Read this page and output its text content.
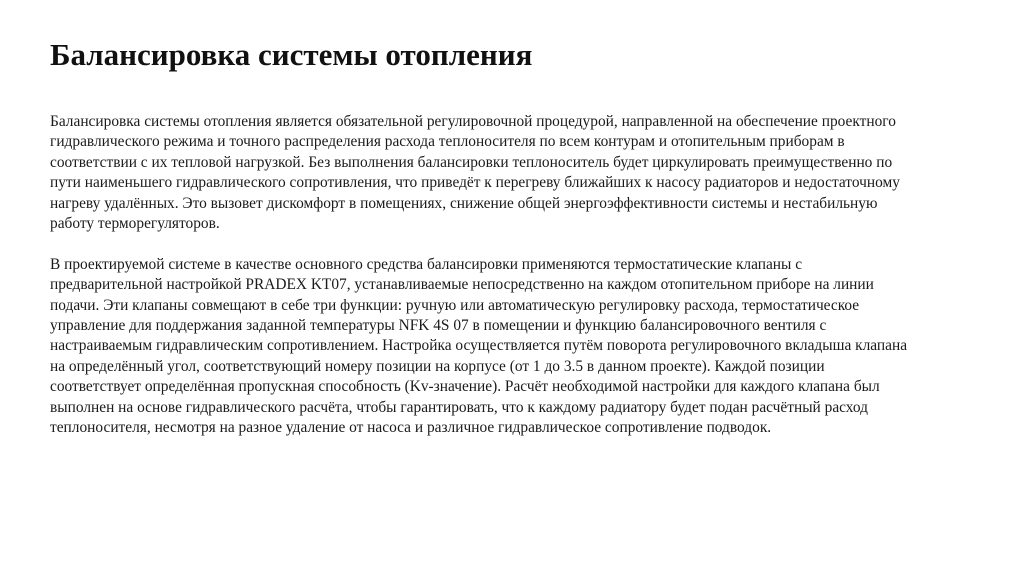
Балансировка системы отопления

Балансировка системы отопления является обязательной регулировочной процедурой, направленной на обеспечение проектного
гидравлического режима и точного распределения расхода теплоносителя по всем контурам и отопительным приборам в
соответствии с их тепловой нагрузкой. Без выполнения балансировки теплоноситель будет циркулировать преимущественно по
пути наименьшего гидравлического сопротивления, что приведёт к перегреву ближайших к насосу радиаторов и недостаточному
нагреву удалённых. Это вызовет дискомфорт в помещениях, снижение общей энергоэффективности системы и нестабильную
работу терморегуляторов.

В проектируемой системе в качестве основного средства балансировки применяются термостатические клапаны с
предварительной настройкой PRADEX KT07, устанавливаемые непосредственно на каждом отопительном приборе на линии
подачи. Эти клапаны совмещают в себе три функции: ручную или автоматическую регулировку расхода, термостатическое
управление для поддержания заданной температуры NFK 4S 07 в помещении и функцию балансировочного вентиля с
настраиваемым гидравлическим сопротивлением. Настройка осуществляется путём поворота регулировочного вкладыша клапана
на определённый угол, соответствующий номеру позиции на корпусе (от 1 до 3.5 в данном проекте). Каждой позиции
соответствует определённая пропускная способность (Kv-значение). Расчёт необходимой настройки для каждого клапана был
выполнен на основе гидравлического расчёта, чтобы гарантировать, что к каждому радиатору будет подан расчётный расход
теплоносителя, несмотря на разное удаление от насоса и различное гидравлическое сопротивление подводок.
